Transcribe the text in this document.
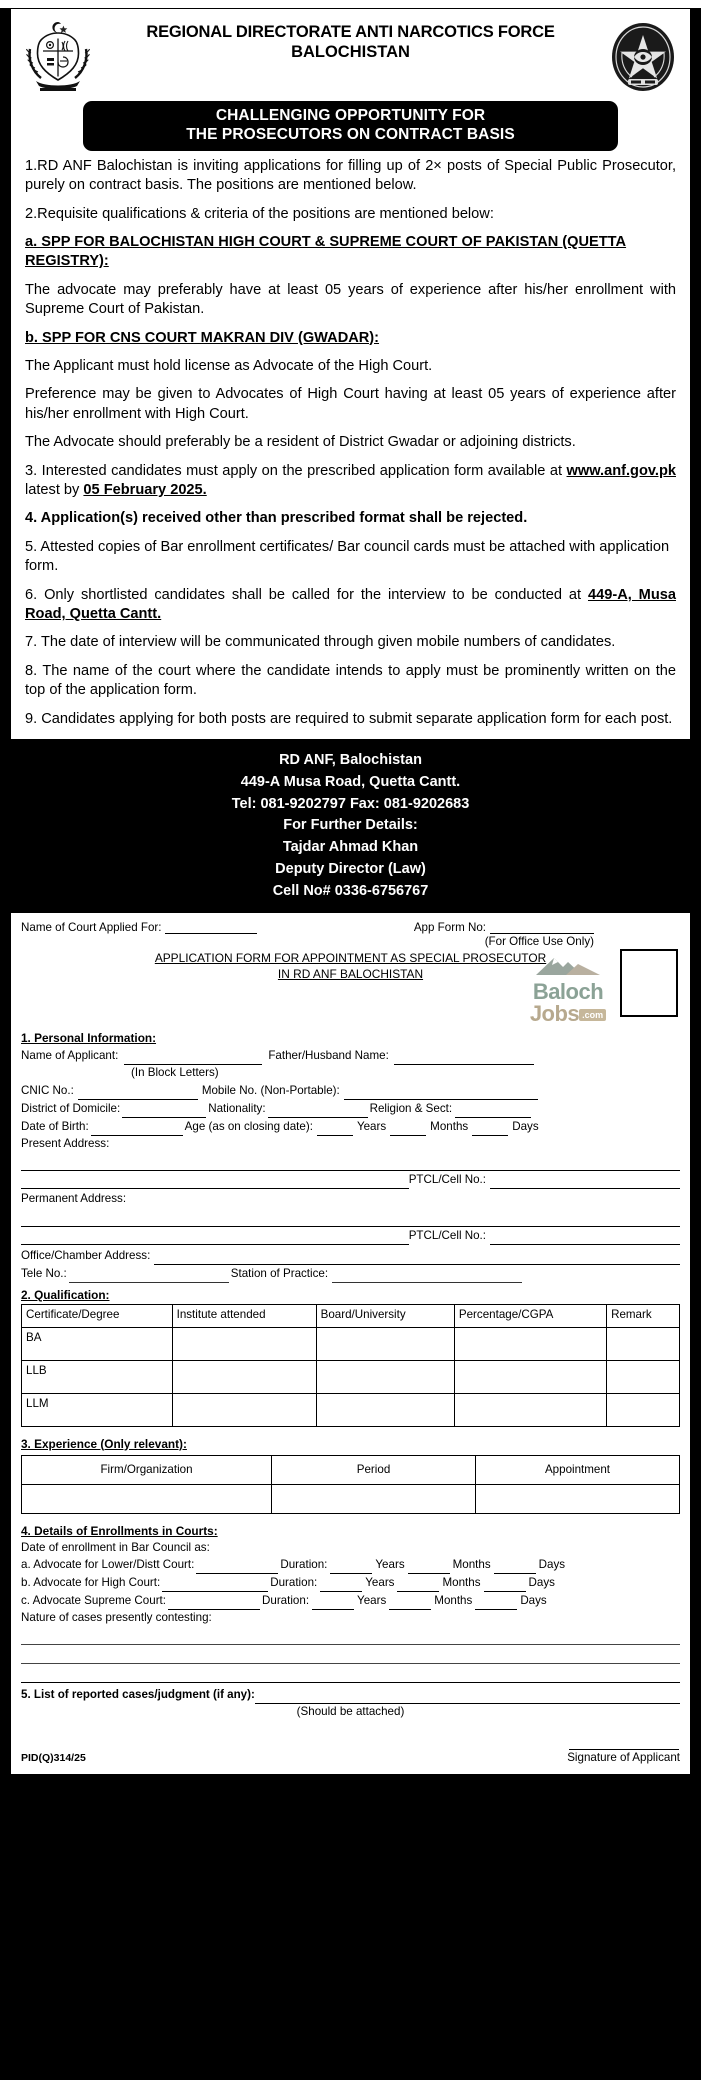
REGIONAL DIRECTORATE ANTI NARCOTICS FORCE
BALOCHISTAN
CHALLENGING OPPORTUNITY FOR
THE PROSECUTORS ON CONTRACT BASIS

1.RD ANF Balochistan is inviting applications for filling up of 2× posts of Special Public Prosecutor, purely on contract basis. The positions are mentioned below.

2.Requisite qualifications & criteria of the positions are mentioned below:

a. SPP FOR BALOCHISTAN HIGH COURT & SUPREME COURT OF PAKISTAN (QUETTA REGISTRY):

The advocate may preferably have at least 05 years of experience after his/her enrollment with Supreme Court of Pakistan.

b. SPP FOR CNS COURT MAKRAN DIV (GWADAR):

The Applicant must hold license as Advocate of the High Court.

Preference may be given to Advocates of High Court having at least 05 years of experience after his/her enrollment with High Court.

The Advocate should preferably be a resident of District Gwadar or adjoining districts.

3. Interested candidates must apply on the prescribed application form available at www.anf.gov.pk latest by 05 February 2025.

4. Application(s) received other than prescribed format shall be rejected.

5. Attested copies of Bar enrollment certificates/ Bar council cards must be attached with application form.

6. Only shortlisted candidates shall be called for the interview to be conducted at 449-A, Musa Road, Quetta Cantt.

7. The date of interview will be communicated through given mobile numbers of candidates.

8. The name of the court where the candidate intends to apply must be prominently written on the top of the application form.

9. Candidates applying for both posts are required to submit separate application form for each post.

RD ANF, Balochistan
449-A Musa Road, Quetta Cantt.
Tel: 081-9202797 Fax: 081-9202683
For Further Details:
Tajdar Ahmad Khan
Deputy Director (Law)
Cell No# 0336-6756767
Baloch
Jobs .com
Name of Court Applied For:	App Form No:
(For Office Use Only)
APPLICATION FORM FOR APPOINTMENT AS SPECIAL PROSECUTOR
IN RD ANF BALOCHISTAN
1. Personal Information:
Name of Applicant:	Father/Husband Name:
(In Block Letters)
CNIC No.:	Mobile No. (Non-Portable):
District of Domicile:	Nationality:	Religion & Sect:
Date of Birth:	Age (as on closing date):	Years	Months	Days
Present Address:
PTCL/Cell No.:
Permanent Address:
PTCL/Cell No.:
Office/Chamber Address:
Tele No.:	Station of Practice:
2. Qualification:
Certificate/Degree	Institute attended	Board/University	Percentage/CGPA	Remark
BA				
LLB				
LLM				
3. Experience (Only relevant):
Firm/Organization	Period	Appointment

4. Details of Enrollments in Courts:
Date of enrollment in Bar Council as:
a. Advocate for Lower/Distt Court:	Duration:	Years	Months	Days
b. Advocate for High Court:	Duration:	Years	Months	Days
c. Advocate Supreme Court:	Duration:	Years	Months	Days
Nature of cases presently contesting:
5. List of reported cases/judgment (if any):
(Should be attached)
PID(Q)314/25	Signature of Applicant
